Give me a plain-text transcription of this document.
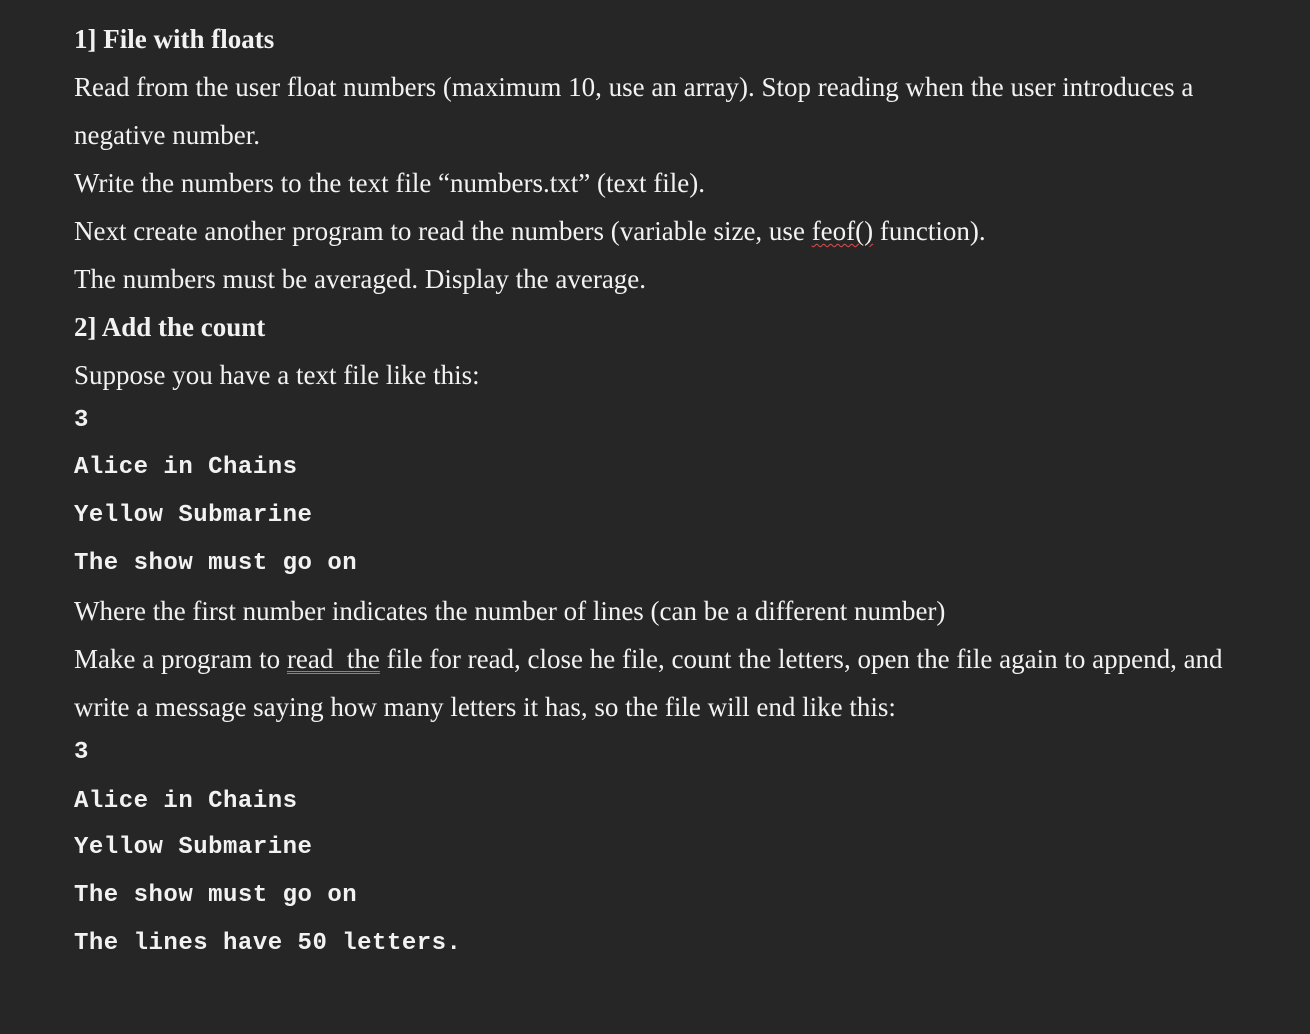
1] File with floats
Read from the user float numbers (maximum 10, use an array). Stop reading when the user introduces a
negative number.
Write the numbers to the text file “numbers.txt” (text file).
Next create another program to read the numbers (variable size, use feof() function).
The numbers must be averaged. Display the average.
2] Add the count
Suppose you have a text file like this:
3
Alice in Chains
Yellow Submarine
The show must go on
Where the first number indicates the number of lines (can be a different number)
Make a program to read  the file for read, close he file, count the letters, open the file again to append, and
write a message saying how many letters it has, so the file will end like this:
3
Alice in Chains
Yellow Submarine
The show must go on
The lines have 50 letters.
